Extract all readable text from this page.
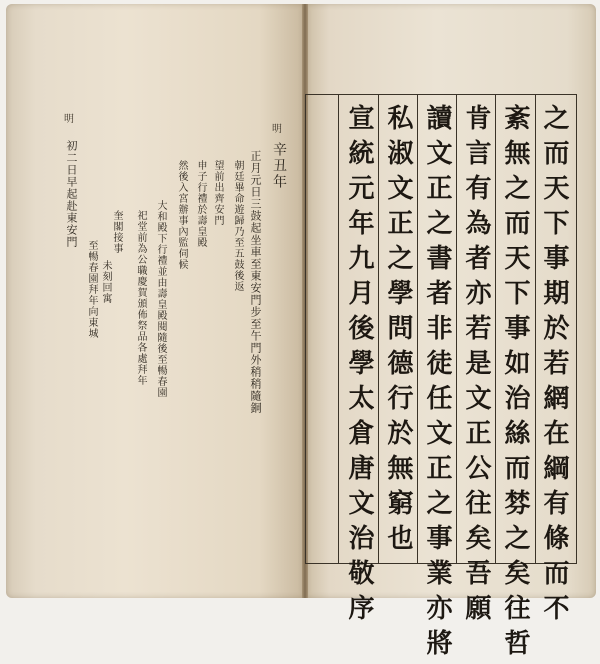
明
辛丑年
正月元日三鼓起坐車至東安門步至午門外稍稍隨銅
朝廷畢命遊歸乃至五鼓後返
望前出齊安門
申子行禮於壽皇殿
然後入宮辦事內監伺候
大和殿下行禮並由壽皇殿閱隨後至暢春園
祀堂前為公職慶賀頒佈祭品各處拜年
奎閣接事
明
初二日早起赴東安門
至暢春園拜年向東城 未刻回寓
　	之而天下事期於若網在綱有條而不
紊無之而天下事如治絲而棼之矣往哲
肯言有為者亦若是文正公往矣吾願
讀文正之書者非徒任文正之事業亦將
私淑文正之學問德行於無窮也
宣統元年九月後學太倉唐文治敬序
